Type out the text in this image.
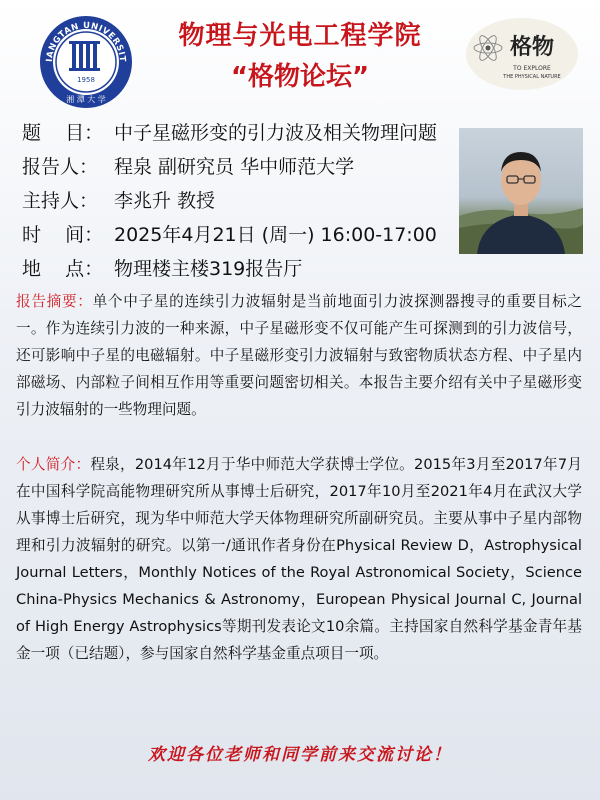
IANGTAN UNIVERSIT
1958
湘 潭 大 学
物理与光电工程学院
“格物论坛”
格物
TO EXPLORE
THE PHYSICAL NATURE
题    目： 中子星磁形变的引力波及相关物理问题
报告人： 程泉 副研究员 华中师范大学
主持人： 李兆升 教授
时    间： 2025年4月21日 (周一) 16:00-17:00
地    点： 物理楼主楼319报告厅
报告摘要：单个中子星的连续引力波辐射是当前地面引力波探测器搜寻的重要目标之一。作为连续引力波的一种来源，中子星磁形变不仅可能产生可探测到的引力波信号，还可影响中子星的电磁辐射。中子星磁形变引力波辐射与致密物质状态方程、中子星内部磁场、内部粒子间相互作用等重要问题密切相关。本报告主要介绍有关中子星磁形变引力波辐射的一些物理问题。
个人简介：程泉，2014年12月于华中师范大学获博士学位。2015年3月至2017年7月在中国科学院高能物理研究所从事博士后研究，2017年10月至2021年4月在武汉大学从事博士后研究，现为华中师范大学天体物理研究所副研究员。主要从事中子星内部物理和引力波辐射的研究。以第一/通讯作者身份在Physical Review D，Astrophysical Journal Letters，Monthly Notices of the Royal Astronomical Society，Science China-Physics Mechanics & Astronomy，European Physical Journal C, Journal of High Energy Astrophysics等期刊发表论文10余篇。主持国家自然科学基金青年基金一项（已结题），参与国家自然科学基金重点项目一项。
欢迎各位老师和同学前来交流讨论！
